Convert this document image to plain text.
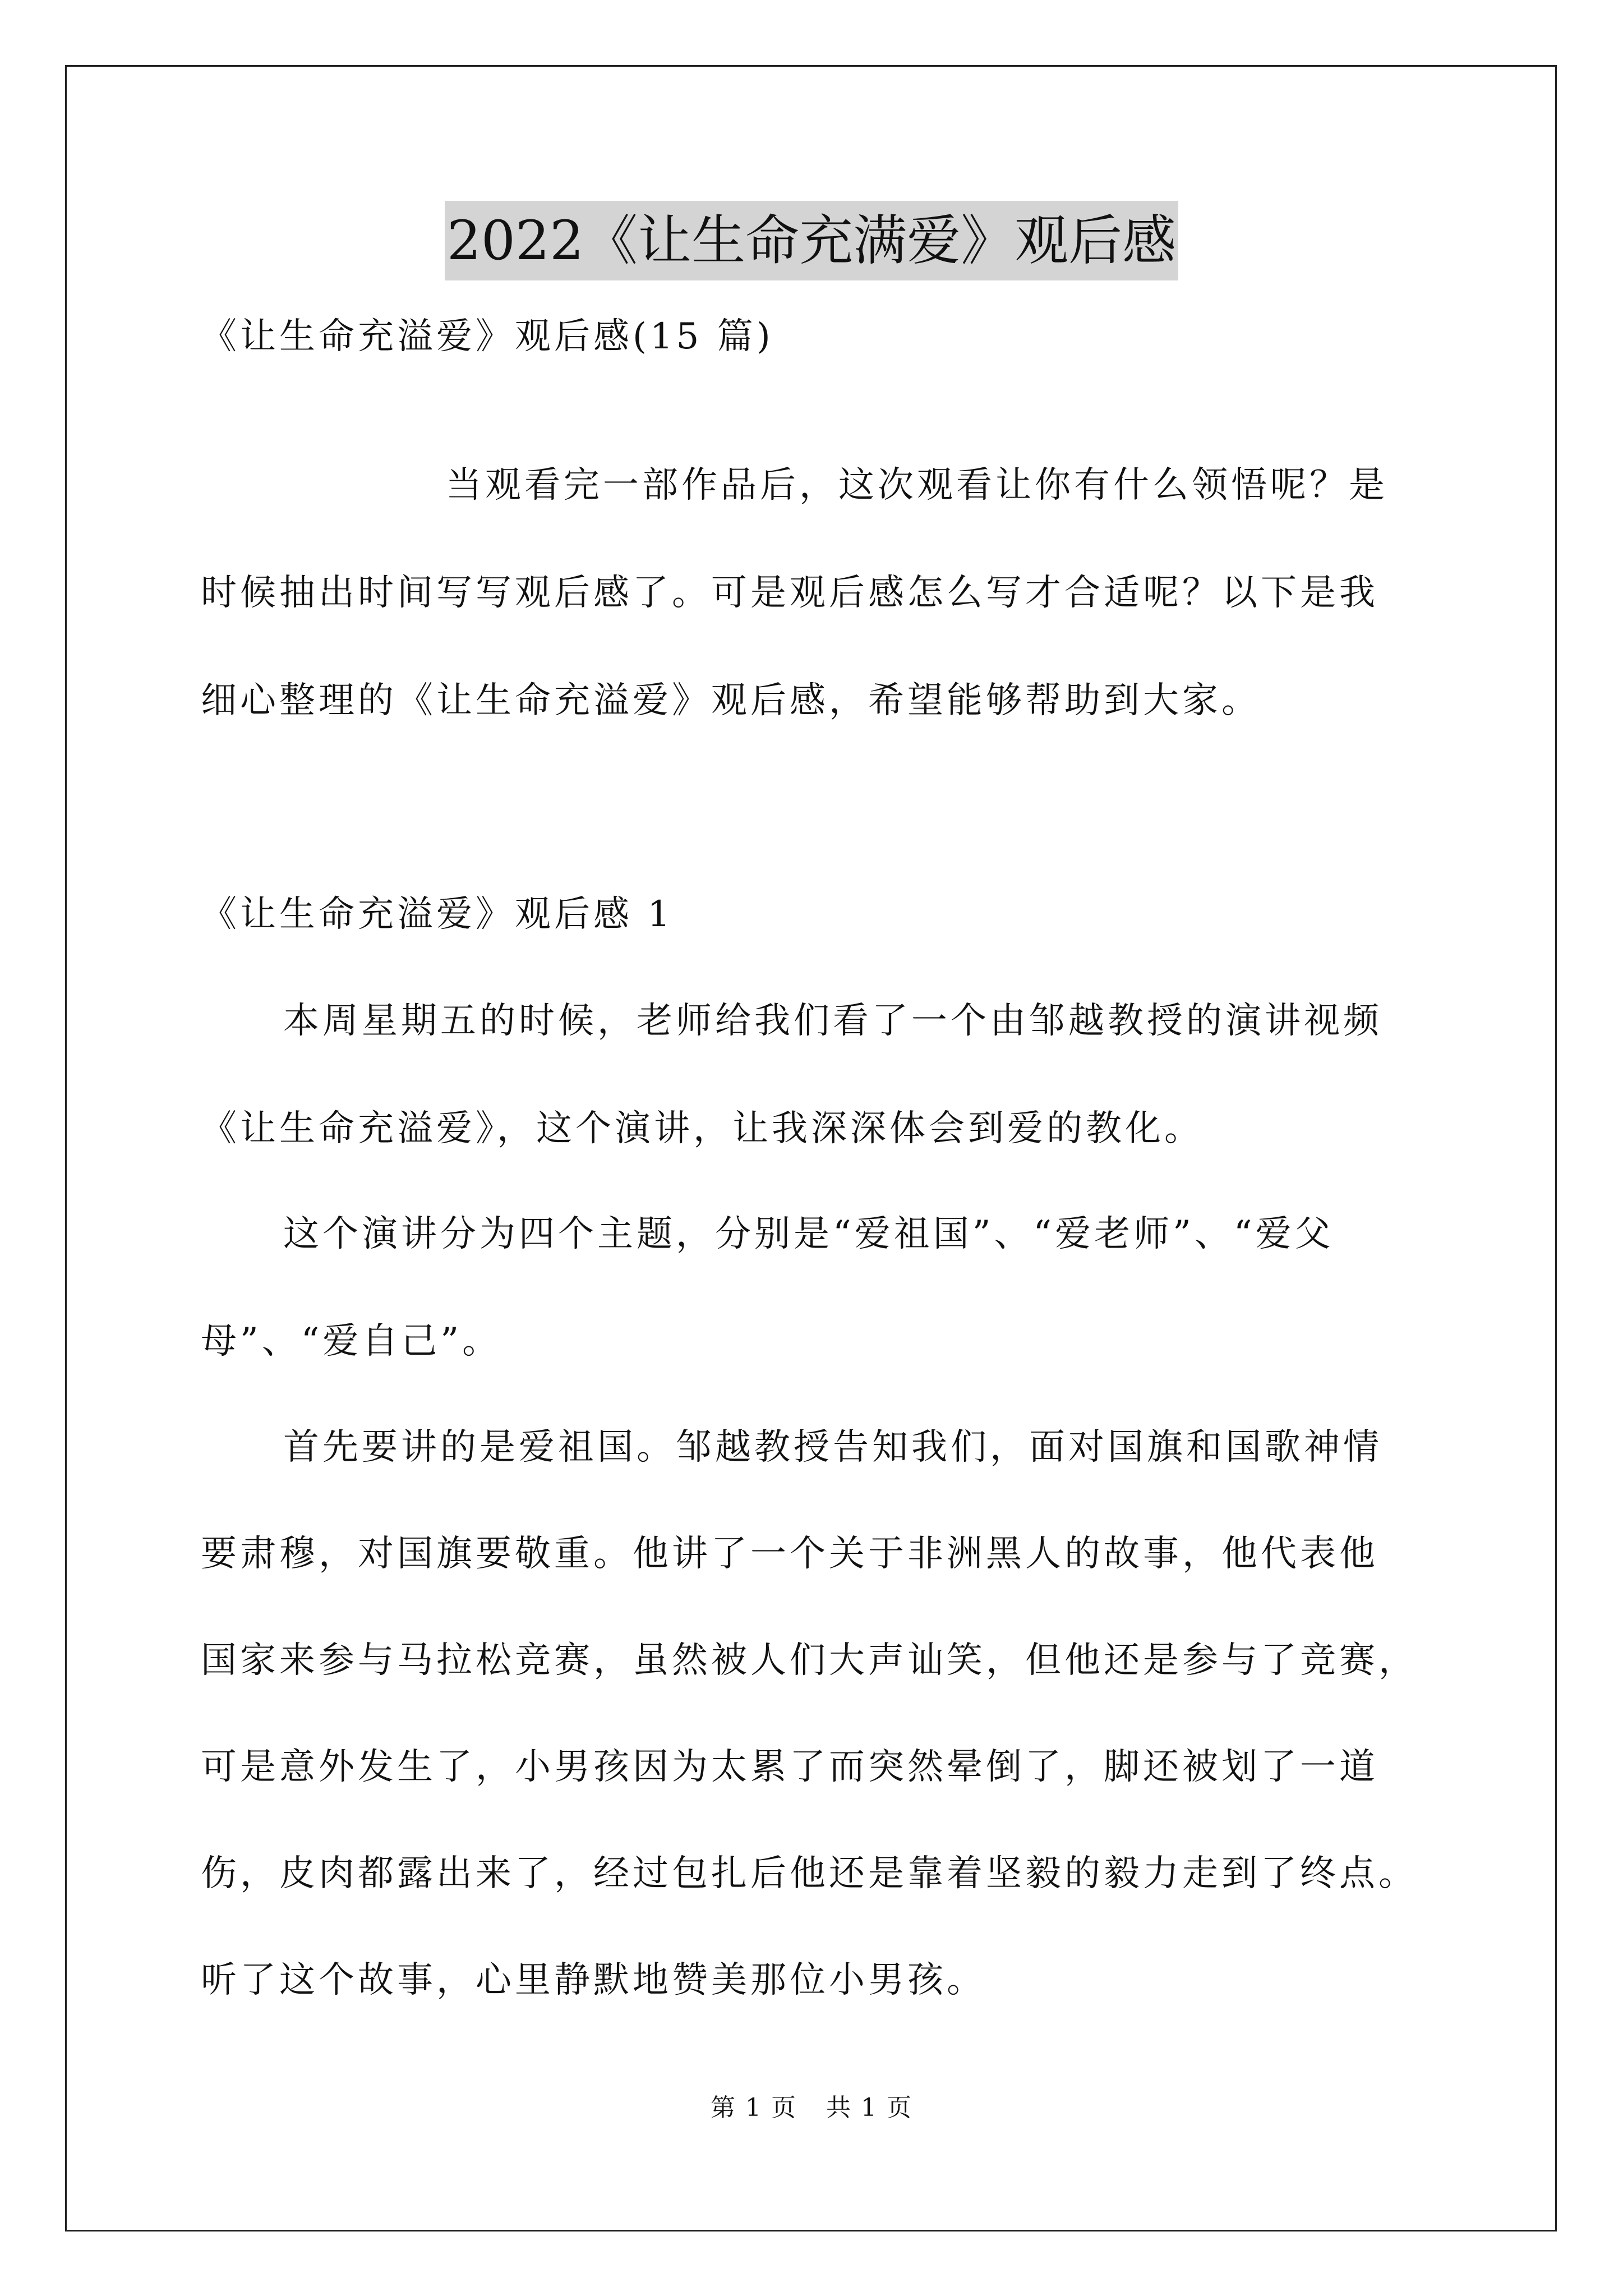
2022《让生命充满爱》观后感
《让生命充溢爱》观后感(15 篇)
当观看完一部作品后，这次观看让你有什么领悟呢？是
时候抽出时间写写观后感了。可是观后感怎么写才合适呢？以下是我
细心整理的《让生命充溢爱》观后感，希望能够帮助到大家。
《让生命充溢爱》观后感 1
本周星期五的时候，老师给我们看了一个由邹越教授的演讲视频
《让生命充溢爱》，这个演讲，让我深深体会到爱的教化。
这个演讲分为四个主题，分别是“爱祖国”、“爱老师”、“爱父
母”、“爱自己”。
首先要讲的是爱祖国。邹越教授告知我们，面对国旗和国歌神情
要肃穆，对国旗要敬重。他讲了一个关于非洲黑人的故事，他代表他
国家来参与马拉松竞赛，虽然被人们大声讪笑，但他还是参与了竞赛，
可是意外发生了，小男孩因为太累了而突然晕倒了，脚还被划了一道
伤，皮肉都露出来了，经过包扎后他还是靠着坚毅的毅力走到了终点。
听了这个故事，心里静默地赞美那位小男孩。
第 1 页 共 1 页
